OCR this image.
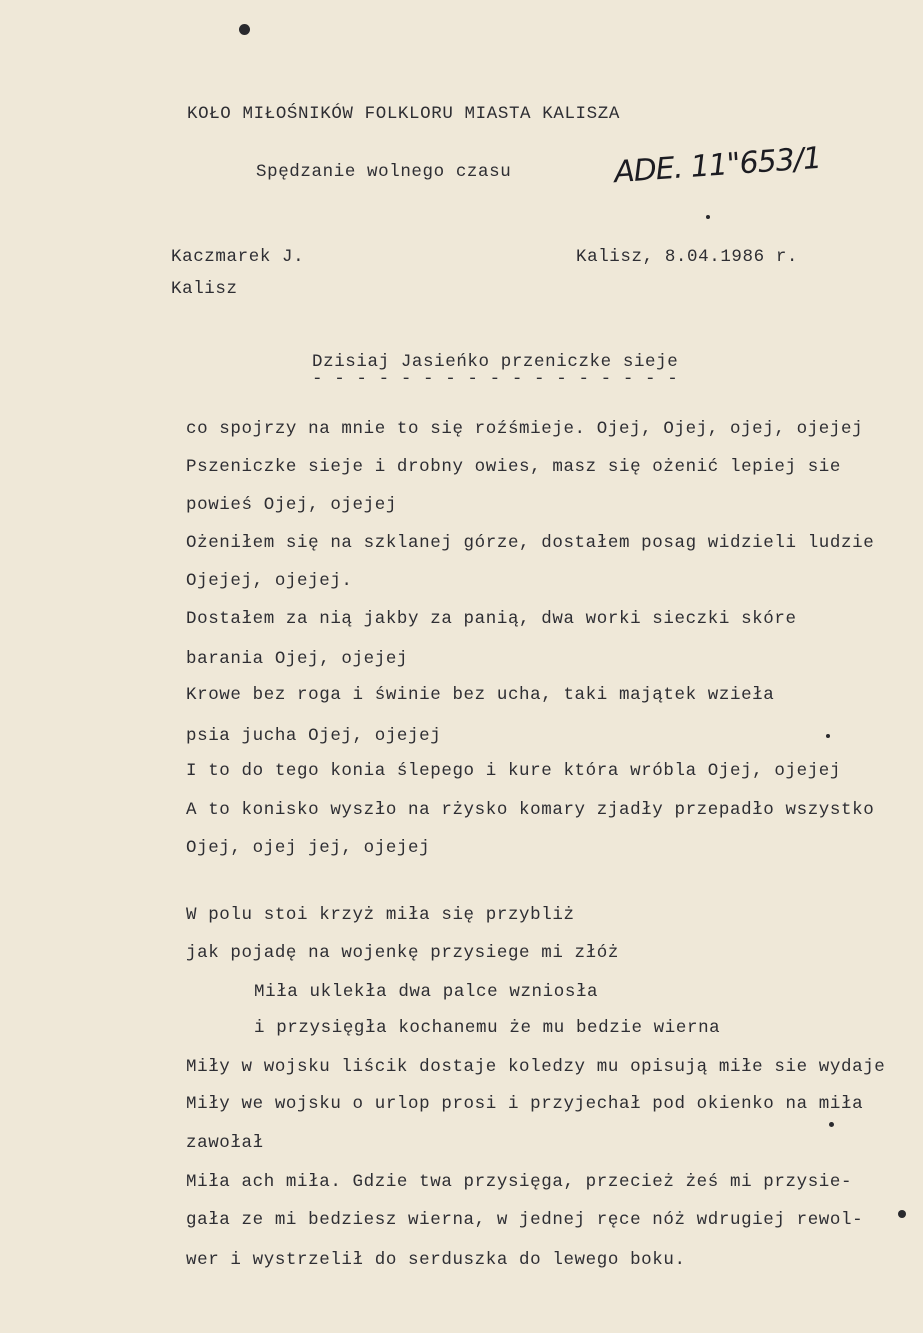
KOŁO MIŁOŚNIKÓW FOLKLORU MIASTA KALISZA
Spędzanie wolnego czasu	ADE. 11"653/1
Kaczmarek J.
Kalisz
Kalisz, 8.04.1986 r.
Dzisiaj Jasieńko przeniczke sieje
- - - - - - - - - - - - - - - - -
co spojrzy na mnie to się roźśmieje. Ojej, Ojej, ojej, ojejej
Pszeniczke sieje i drobny owies, masz się ożenić lepiej sie
powieś Ojej, ojejej
Ożeniłem się na szklanej górze, dostałem posag widzieli ludzie
Ojejej, ojejej.
Dostałem za nią jakby za panią, dwa worki sieczki skóre
barania Ojej, ojejej
Krowe bez roga i świnie bez ucha, taki majątek wzieła
psia jucha Ojej, ojejej
I to do tego konia ślepego i kure która wróbla Ojej, ojejej
A to konisko wyszło na rżysko komary zjadły przepadło wszystko
Ojej, ojej jej, ojejej
W polu stoi krzyż miła się przybliż
jak pojadę na wojenkę przysiege mi złóż
Miła uklekła dwa palce wzniosła
i przysięgła kochanemu że mu bedzie wierna
Miły w wojsku liścik dostaje koledzy mu opisują miłe sie wydaje
Miły we wojsku o urlop prosi i przyjechał pod okienko na miła
zawołał
Miła ach miła. Gdzie twa przysięga, przecież żeś mi przysie-
gała ze mi bedziesz wierna, w jednej ręce nóż wdrugiej rewol-
wer i wystrzelił do serduszka do lewego boku.
